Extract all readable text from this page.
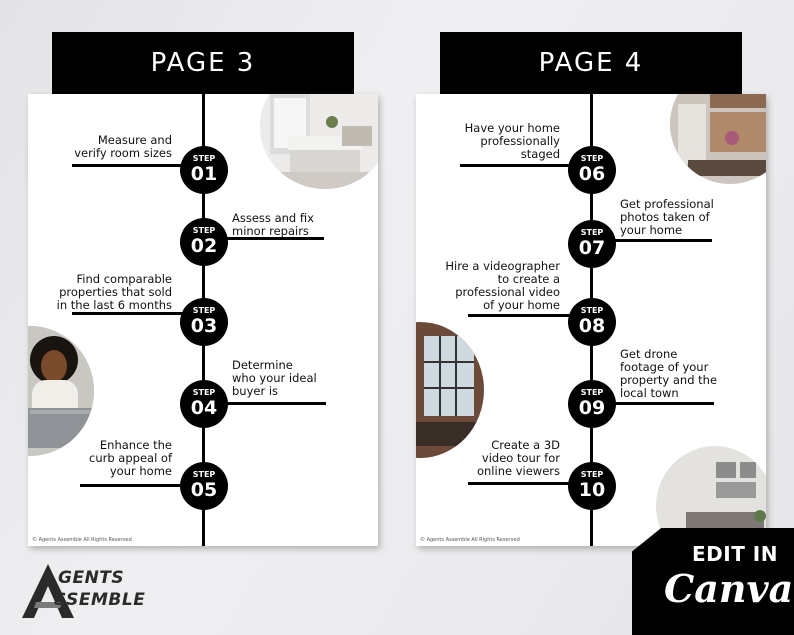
PAGE 3	PAGE 4
Measure and
verify room sizes	STEP
01
Assess and fix
minor repairs
STEP
02
Find comparable
properties that sold
in the last 6 months	STEP
03
Determine
who your ideal
buyer is
STEP
04
Enhance the
curb appeal of
your home	STEP
05
© Agents Assemble All Rights Reserved
Have your home
professionally
staged	STEP
06
Get professional
photos taken of
your home
STEP
07
Hire a videographer
to create a
professional video
of your home	STEP
08
Get drone
footage of your
property and the
local town
STEP
09
Create a 3D
video tour for
online viewers	STEP
10
© Agents Assemble All Rights Reserved
GENTS
SSEMBLE
EDIT IN
Canva
